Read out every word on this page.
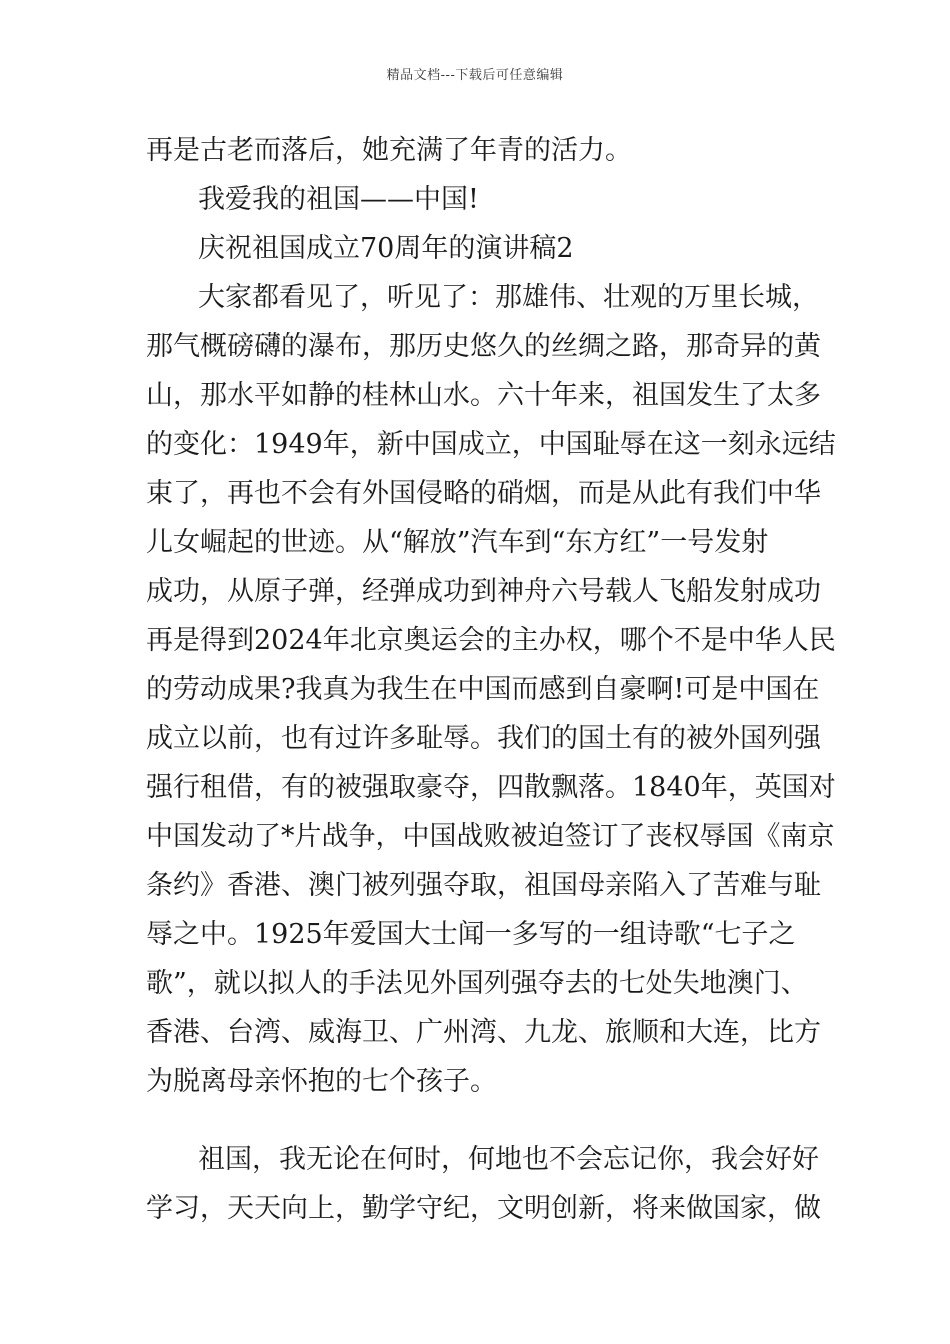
精品文档---下载后可任意编辑
再是古老而落后，她充满了年青的活力。
我爱我的祖国——中国!
庆祝祖国成立70周年的演讲稿2
大家都看见了，听见了：那雄伟、壮观的万里长城，
那气概磅礴的瀑布，那历史悠久的丝绸之路，那奇异的黄
山，那水平如静的桂林山水。六十年来，祖国发生了太多
的变化：1949年，新中国成立，中国耻辱在这一刻永远结
束了，再也不会有外国侵略的硝烟，而是从此有我们中华
儿女崛起的世迹。从“解放”汽车到“东方红”一号发射
成功，从原子弹，经弹成功到神舟六号载人飞船发射成功
再是得到2024年北京奥运会的主办权，哪个不是中华人民
的劳动成果?我真为我生在中国而感到自豪啊!可是中国在
成立以前，也有过许多耻辱。我们的国土有的被外国列强
强行租借，有的被强取豪夺，四散飘落。1840年，英国对
中国发动了*片战争，中国战败被迫签订了丧权辱国《南京
条约》香港、澳门被列强夺取，祖国母亲陷入了苦难与耻
辱之中。1925年爱国大士闻一多写的一组诗歌“七子之
歌”，就以拟人的手法见外国列强夺去的七处失地澳门、
香港、台湾、威海卫、广州湾、九龙、旅顺和大连，比方
为脱离母亲怀抱的七个孩子。
祖国，我无论在何时，何地也不会忘记你，我会好好
学习，天天向上，勤学守纪，文明创新，将来做国家，做
